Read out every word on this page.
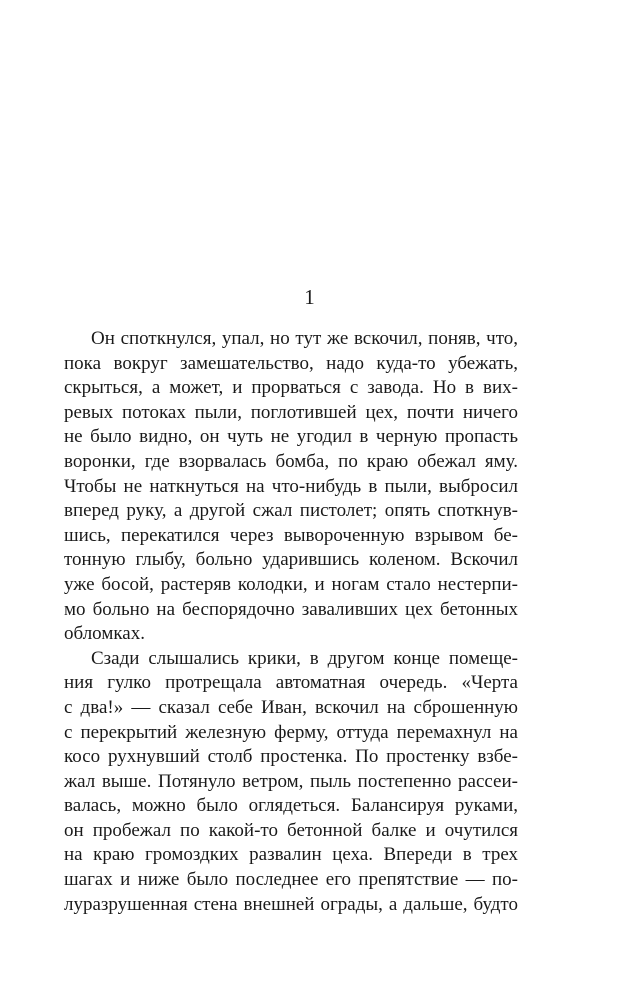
1
Он споткнулся, упал, но тут же вскочил, поняв, что,
пока вокруг замешательство, надо куда-то убежать,
скрыться, а может, и прорваться с завода. Но в вих-
ревых потоках пыли, поглотившей цех, почти ничего
не было видно, он чуть не угодил в черную пропасть
воронки, где взорвалась бомба, по краю обежал яму.
Чтобы не наткнуться на что-нибудь в пыли, выбросил
вперед руку, а другой сжал пистолет; опять споткнув-
шись, перекатился через вывороченную взрывом бе-
тонную глыбу, больно ударившись коленом. Вскочил
уже босой, растеряв колодки, и ногам стало нестерпи-
мо больно на беспорядочно заваливших цех бетонных
обломках.
Сзади слышались крики, в другом конце помеще-
ния гулко протрещала автоматная очередь. «Черта
с два!» — сказал себе Иван, вскочил на сброшенную
с перекрытий железную ферму, оттуда перемахнул на
косо рухнувший столб простенка. По простенку взбе-
жал выше. Потянуло ветром, пыль постепенно рассеи-
валась, можно было оглядеться. Балансируя руками,
он пробежал по какой-то бетонной балке и очутился
на краю громоздких развалин цеха. Впереди в трех
шагах и ниже было последнее его препятствие — по-
луразрушенная стена внешней ограды, а дальше, будто
